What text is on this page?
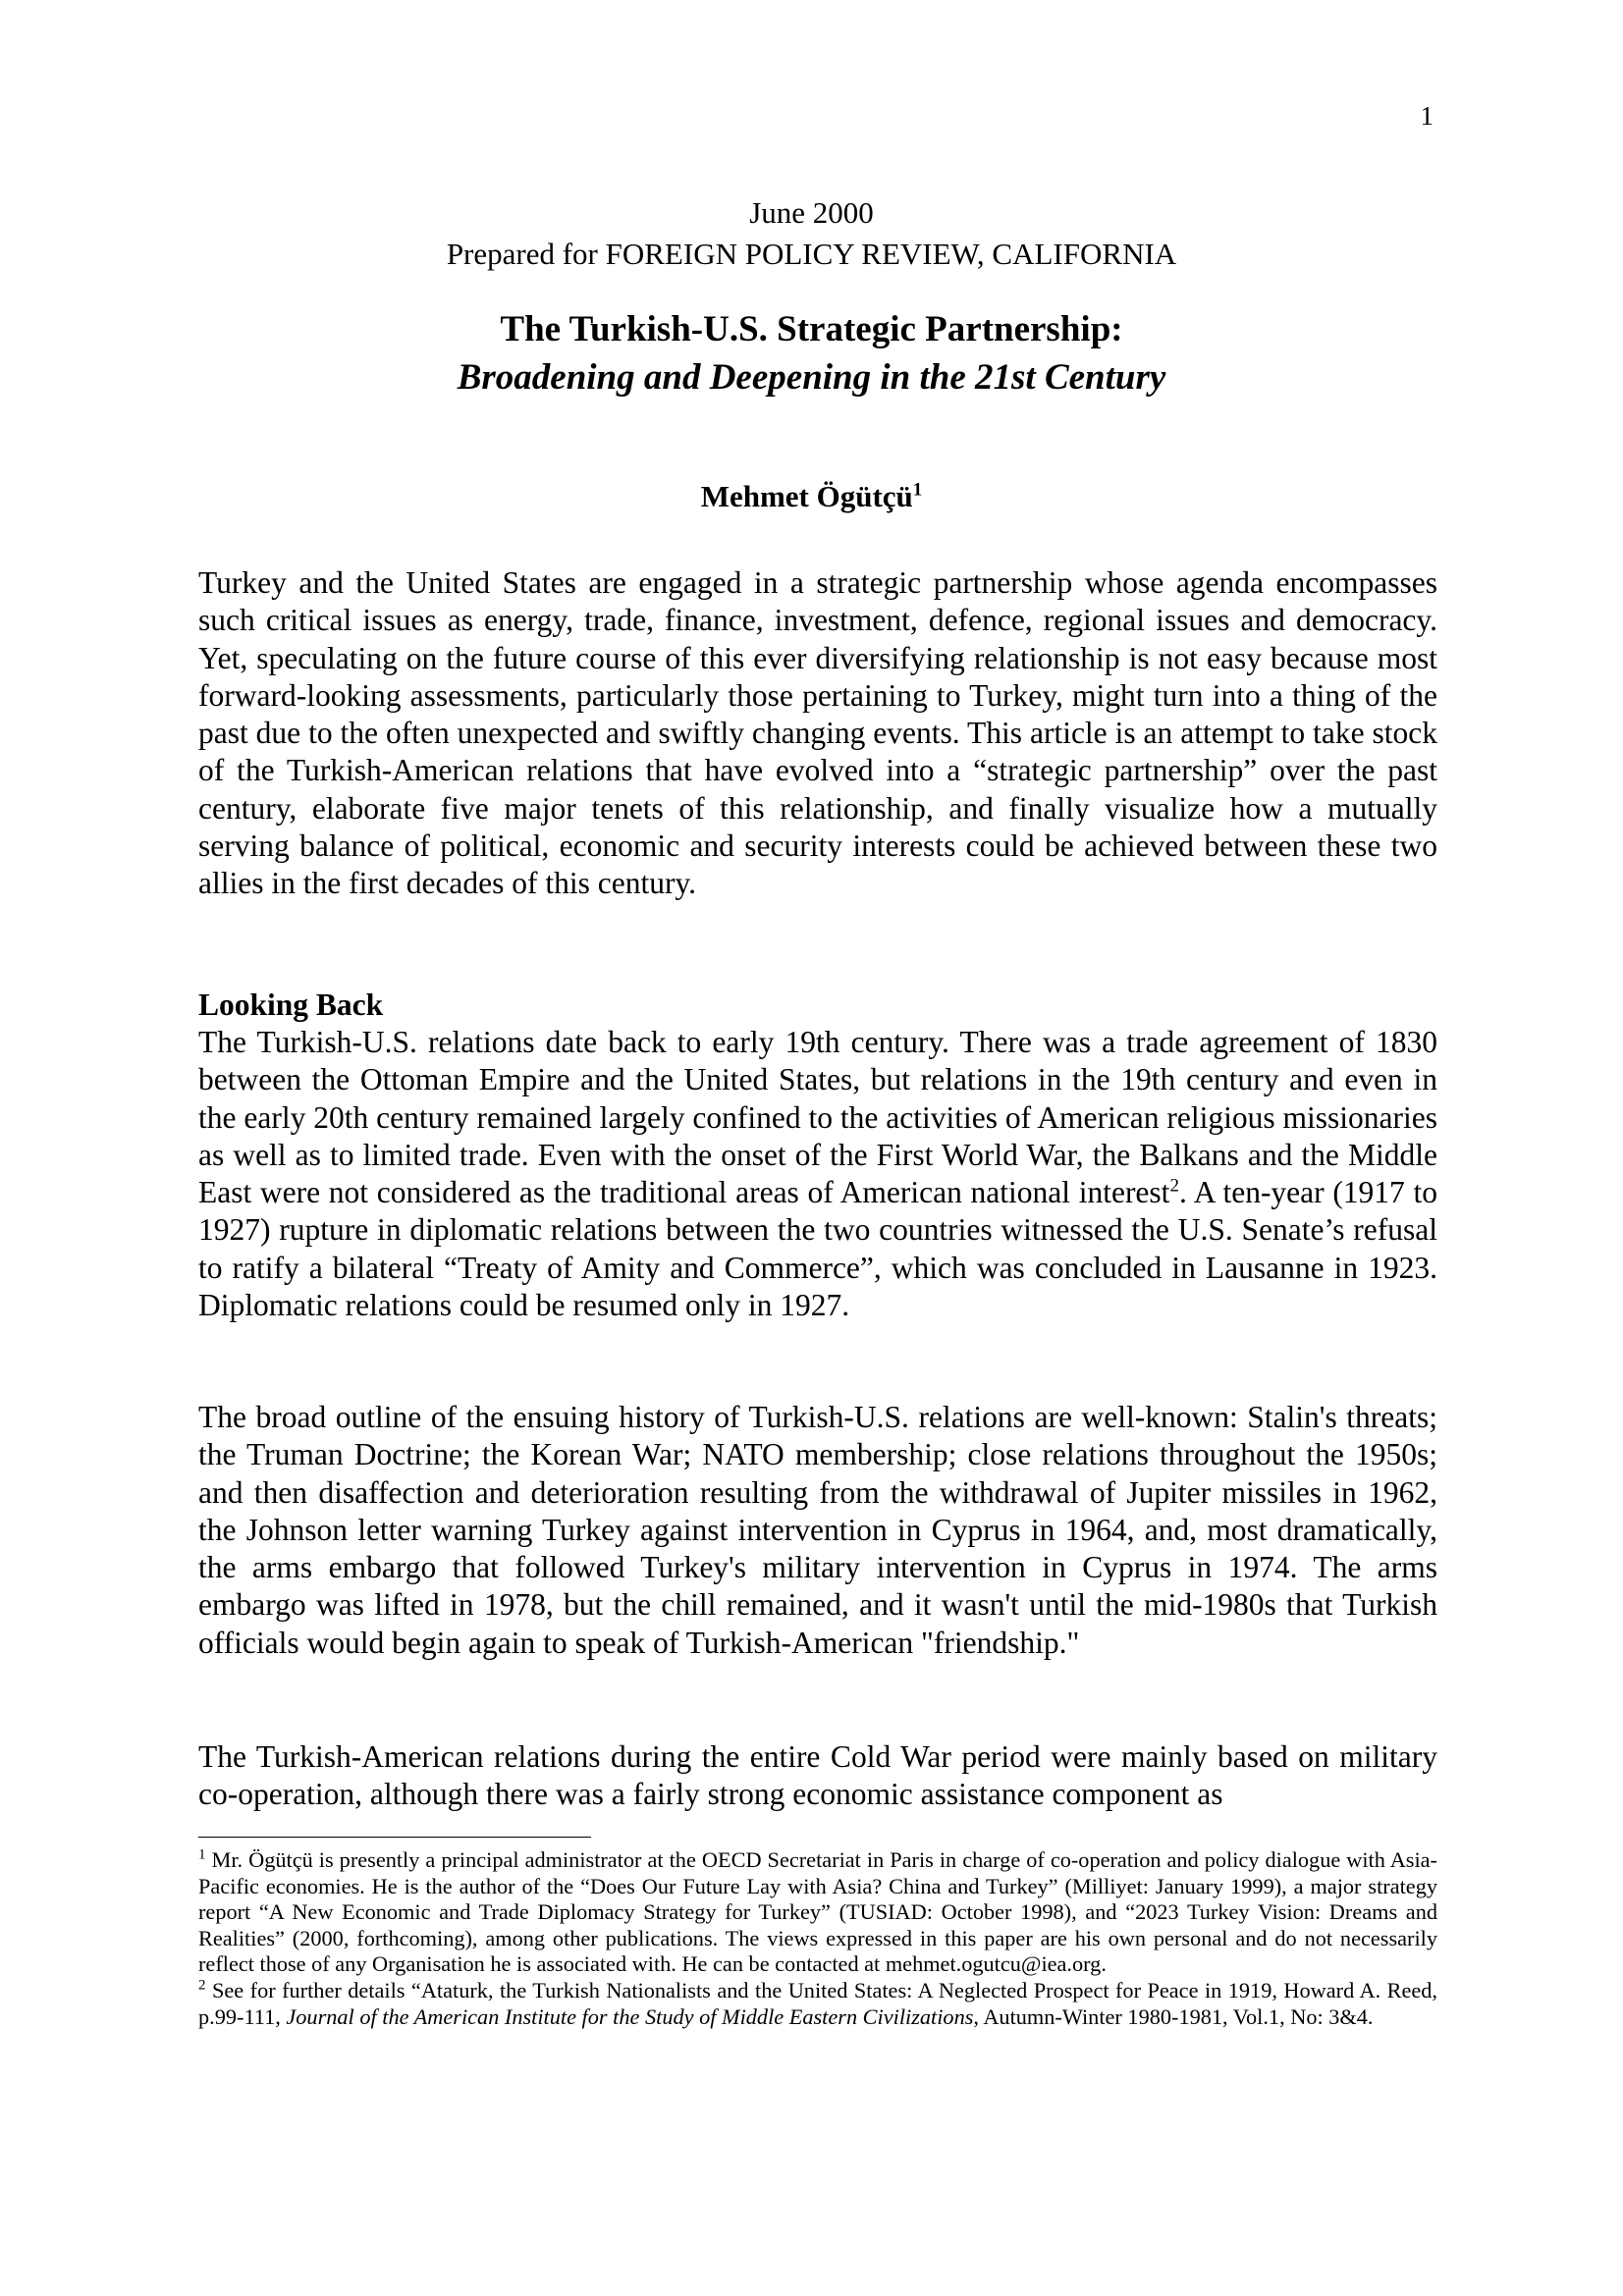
1
June 2000
Prepared for FOREIGN POLICY REVIEW, CALIFORNIA
The Turkish-U.S. Strategic Partnership:
Broadening and Deepening in the 21st Century
Mehmet Ögütçü$^1$
Turkey and the United States are engaged in a strategic partnership whose agenda encompasses such critical issues as energy, trade, finance, investment, defence, regional issues and democracy. Yet, speculating on the future course of this ever diversifying relationship is not easy because most forward-looking assessments, particularly those pertaining to Turkey, might turn into a thing of the past due to the often unexpected and swiftly changing events. This article is an attempt to take stock of the Turkish-American relations that have evolved into a “strategic partnership” over the past century, elaborate five major tenets of this relationship, and finally visualize how a mutually serving balance of political, economic and security interests could be achieved between these two allies in the first decades of this century.
Looking Back
The Turkish-U.S. relations date back to early 19th century. There was a trade agreement of 1830 between the Ottoman Empire and the United States, but relations in the 19th century and even in the early 20th century remained largely confined to the activities of American religious missionaries as well as to limited trade. Even with the onset of the First World War, the Balkans and the Middle East were not considered as the traditional areas of American national interest$^2$. A ten-year (1917 to 1927) rupture in diplomatic relations between the two countries witnessed the U.S. Senate’s refusal to ratify a bilateral “Treaty of Amity and Commerce”, which was concluded in Lausanne in 1923. Diplomatic relations could be resumed only in 1927.
The broad outline of the ensuing history of Turkish-U.S. relations are well-known: Stalin's threats; the Truman Doctrine; the Korean War; NATO membership; close relations throughout the 1950s; and then disaffection and deterioration resulting from the withdrawal of Jupiter missiles in 1962, the Johnson letter warning Turkey against intervention in Cyprus in 1964, and, most dramatically, the arms embargo that followed Turkey's military intervention in Cyprus in 1974. The arms embargo was lifted in 1978, but the chill remained, and it wasn't until the mid-1980s that Turkish officials would begin again to speak of Turkish-American "friendship."
The Turkish-American relations during the entire Cold War period were mainly based on military co-operation, although there was a fairly strong economic assistance component as

$^1$ Mr. Ögütçü is presently a principal administrator at the OECD Secretariat in Paris in charge of co-operation and policy dialogue with Asia-Pacific economies. He is the author of the “Does Our Future Lay with Asia? China and Turkey” (Milliyet: January 1999), a major strategy report “A New Economic and Trade Diplomacy Strategy for Turkey” (TUSIAD: October 1998), and “2023 Turkey Vision: Dreams and Realities” (2000, forthcoming), among other publications. The views expressed in this paper are his own personal and do not necessarily reflect those of any Organisation he is associated with. He can be contacted at mehmet.ogutcu@iea.org.

$^2$ See for further details “Ataturk, the Turkish Nationalists and the United States: A Neglected Prospect for Peace in 1919, Howard A. Reed, p.99-111, Journal of the American Institute for the Study of Middle Eastern Civilizations, Autumn-Winter 1980-1981, Vol.1, No: 3&4.
